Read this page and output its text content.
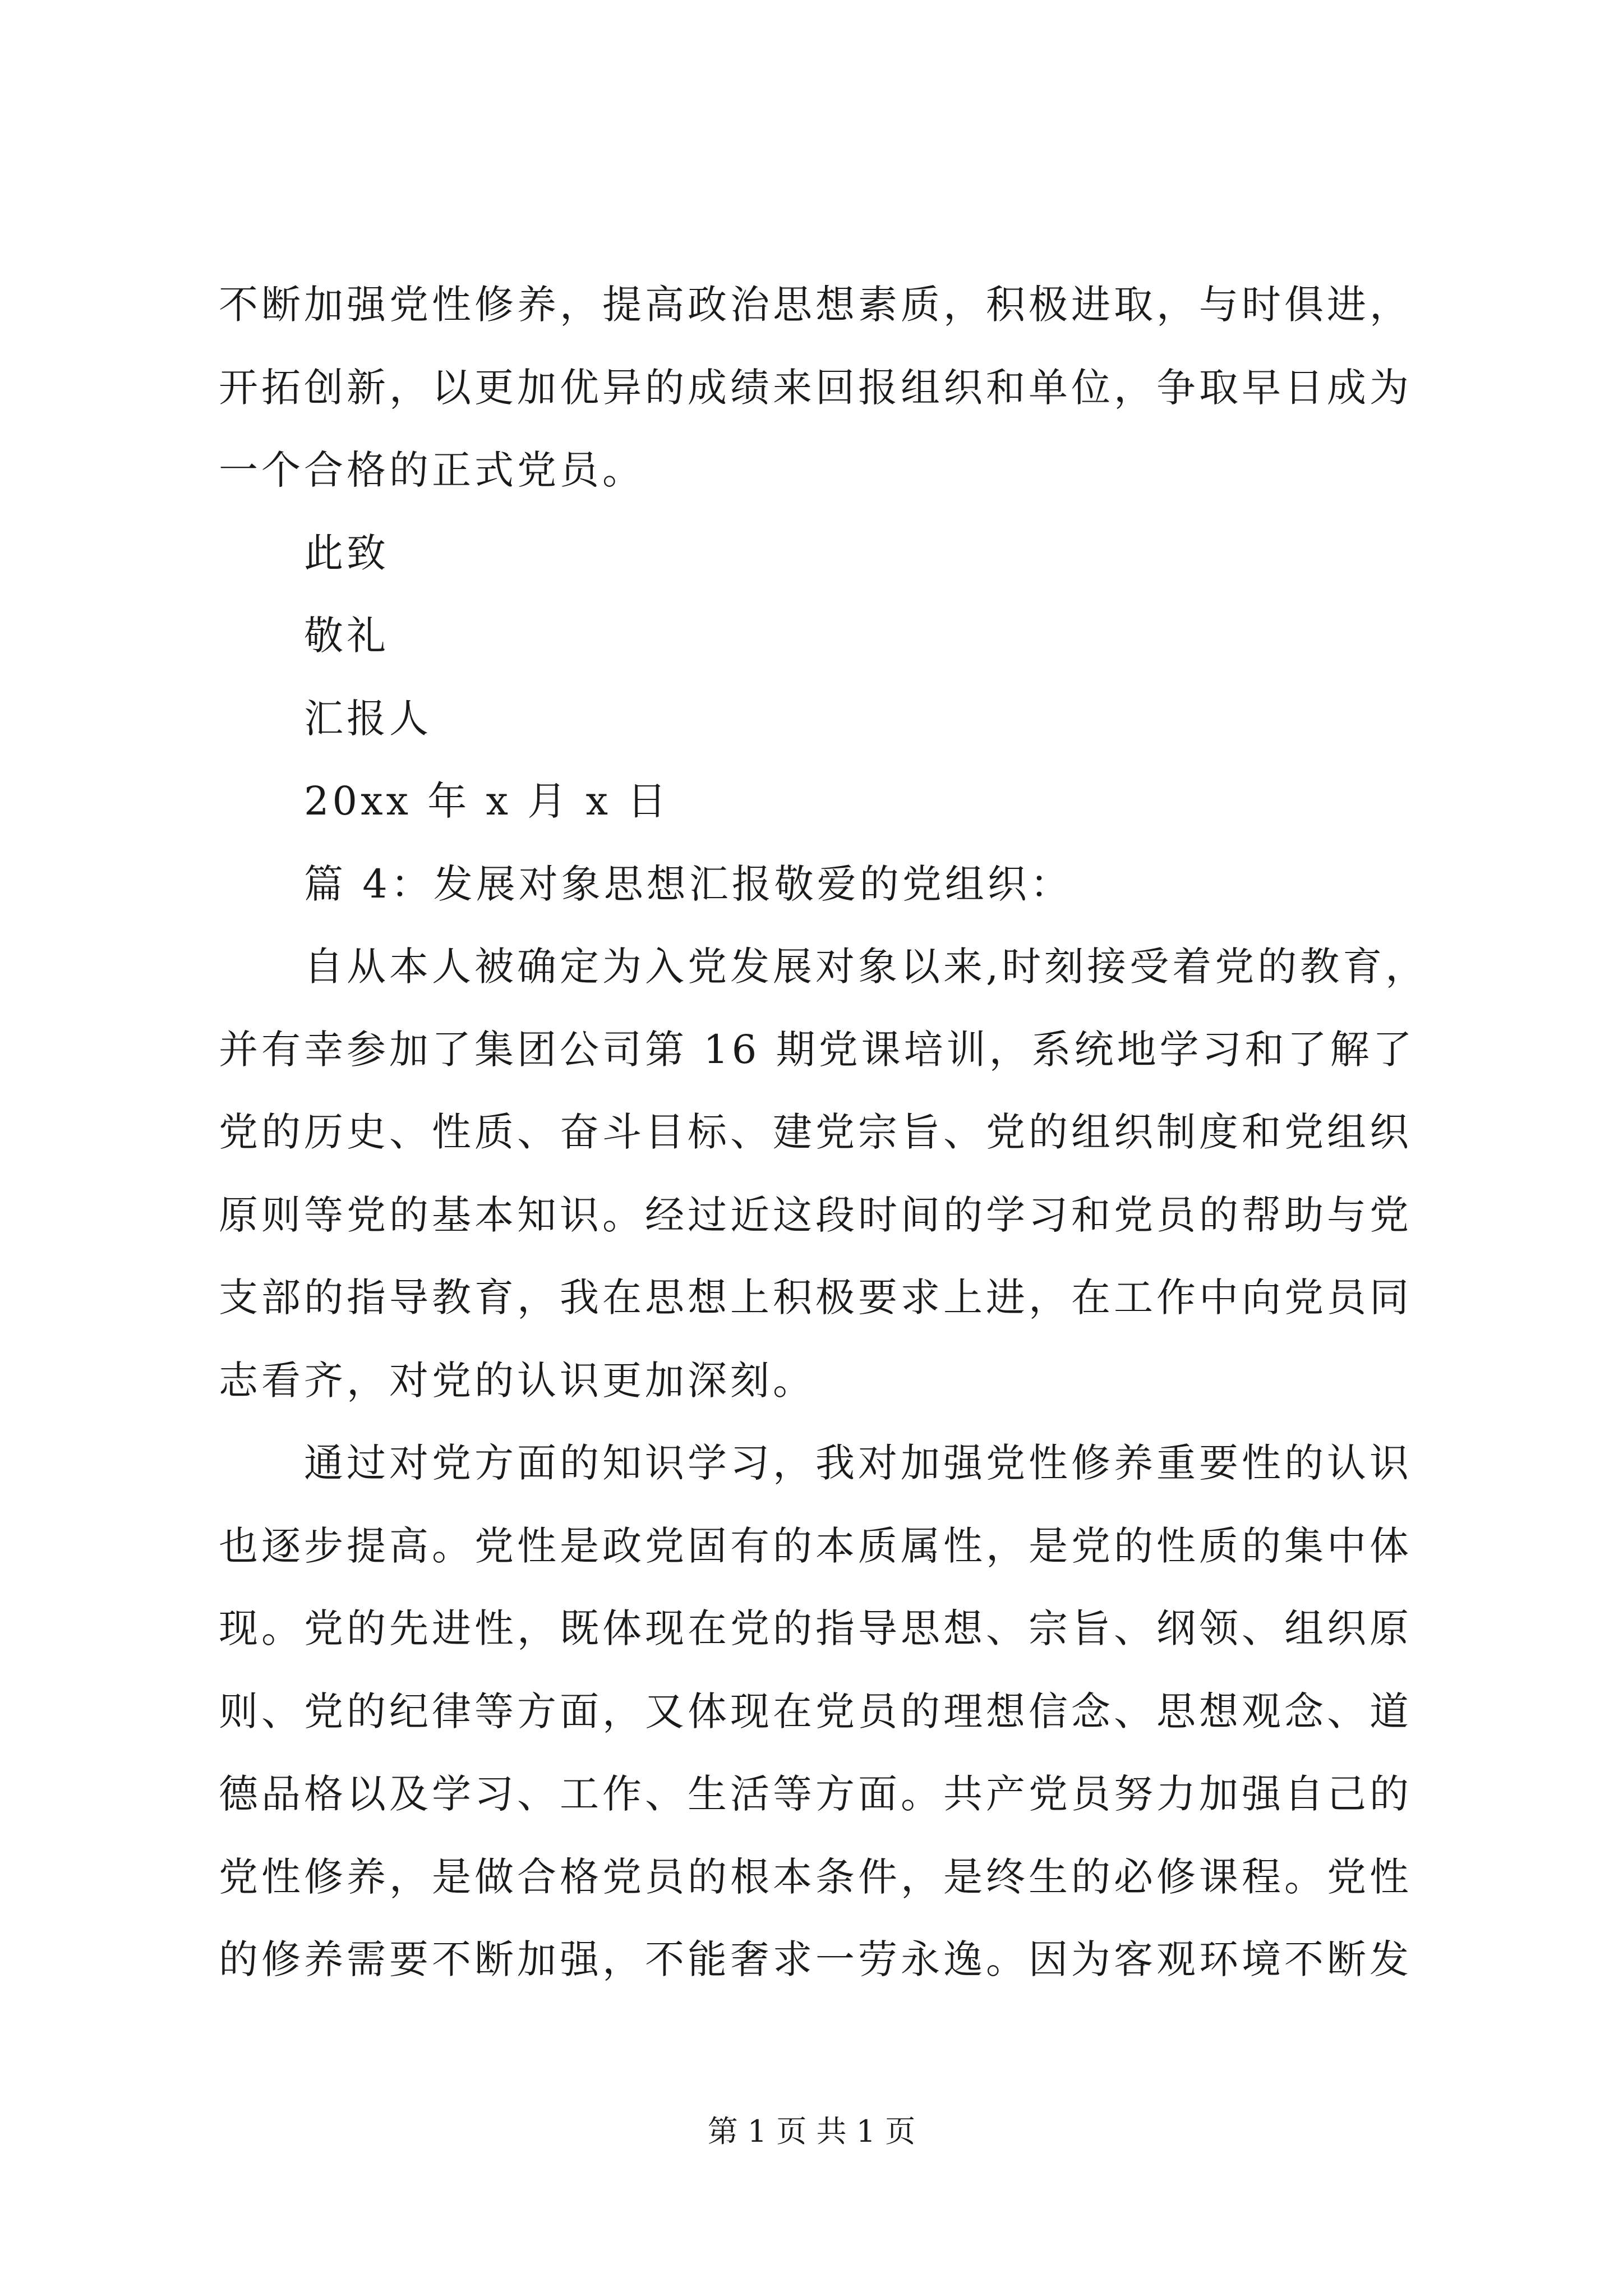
不断加强党性修养，提高政治思想素质，积极进取，与时俱进，
开拓创新，以更加优异的成绩来回报组织和单位，争取早日成为
一个合格的正式党员。
此致
敬礼
汇报人
20xx 年 x 月 x 日
篇 4：发展对象思想汇报敬爱的党组织：
自从本人被确定为入党发展对象以来,时刻接受着党的教育，
并有幸参加了集团公司第 16 期党课培训，系统地学习和了解了
党的历史、性质、奋斗目标、建党宗旨、党的组织制度和党组织
原则等党的基本知识。经过近这段时间的学习和党员的帮助与党
支部的指导教育，我在思想上积极要求上进，在工作中向党员同
志看齐，对党的认识更加深刻。
通过对党方面的知识学习，我对加强党性修养重要性的认识
也逐步提高。党性是政党固有的本质属性，是党的性质的集中体
现。党的先进性，既体现在党的指导思想、宗旨、纲领、组织原
则、党的纪律等方面，又体现在党员的理想信念、思想观念、道
德品格以及学习、工作、生活等方面。共产党员努力加强自己的
党性修养，是做合格党员的根本条件，是终生的必修课程。党性
的修养需要不断加强，不能奢求一劳永逸。因为客观环境不断发
第 1 页 共 1 页
